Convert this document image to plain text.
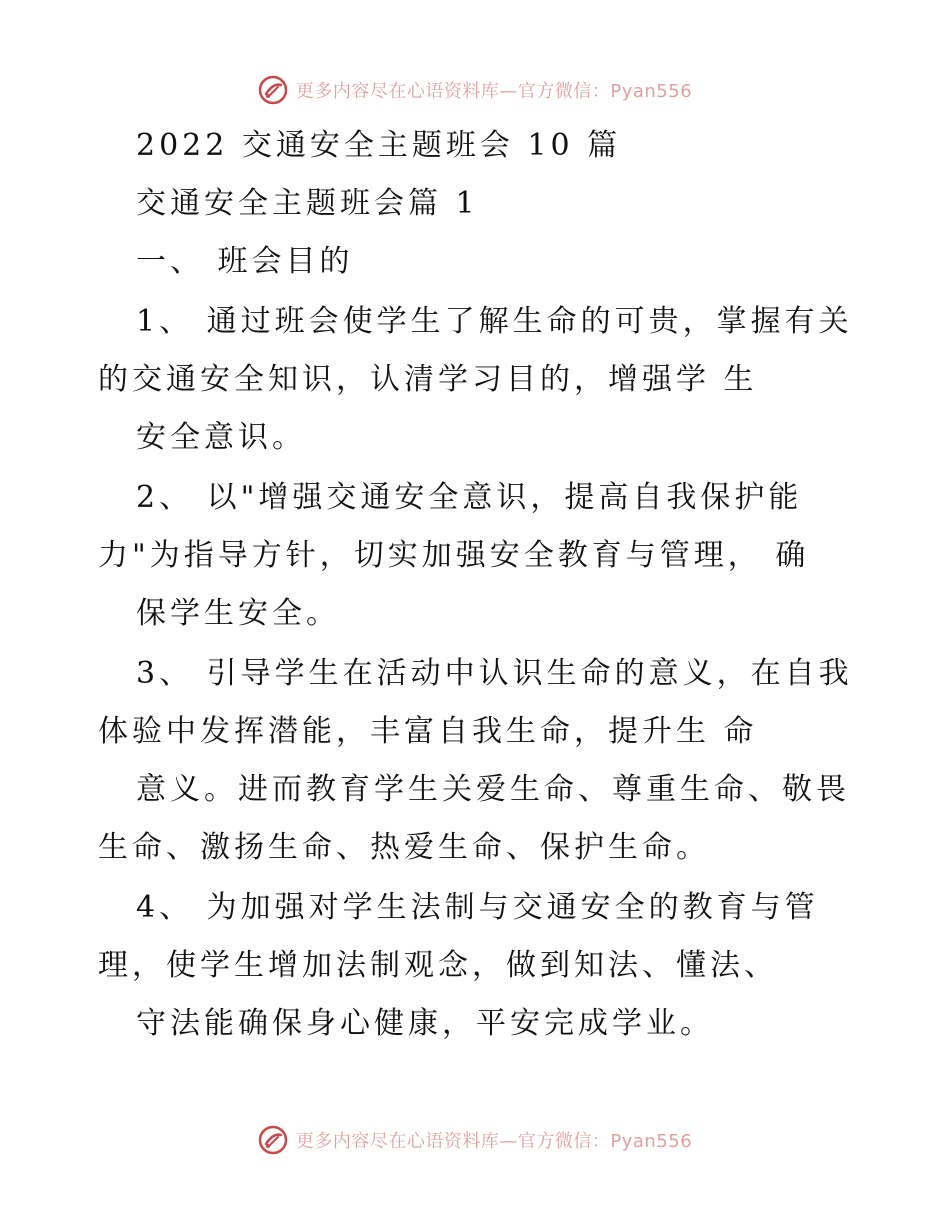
更多内容尽在心语资料库—官方微信：Pyan556
2022 交通安全主题班会 10 篇
交通安全主题班会篇 1
一、 班会目的
1、 通过班会使学生了解生命的可贵，掌握有关
的交通安全知识，认清学习目的，增强学 生
安全意识。
2、 以"增强交通安全意识，提高自我保护能
力"为指导方针，切实加强安全教育与管理， 确
保学生安全。
3、 引导学生在活动中认识生命的意义，在自我
体验中发挥潜能，丰富自我生命，提升生 命
意义。进而教育学生关爱生命、尊重生命、敬畏
生命、激扬生命、热爱生命、保护生命。
4、 为加强对学生法制与交通安全的教育与管
理，使学生增加法制观念，做到知法、懂法、
守法能确保身心健康，平安完成学业。
更多内容尽在心语资料库—官方微信：Pyan556
